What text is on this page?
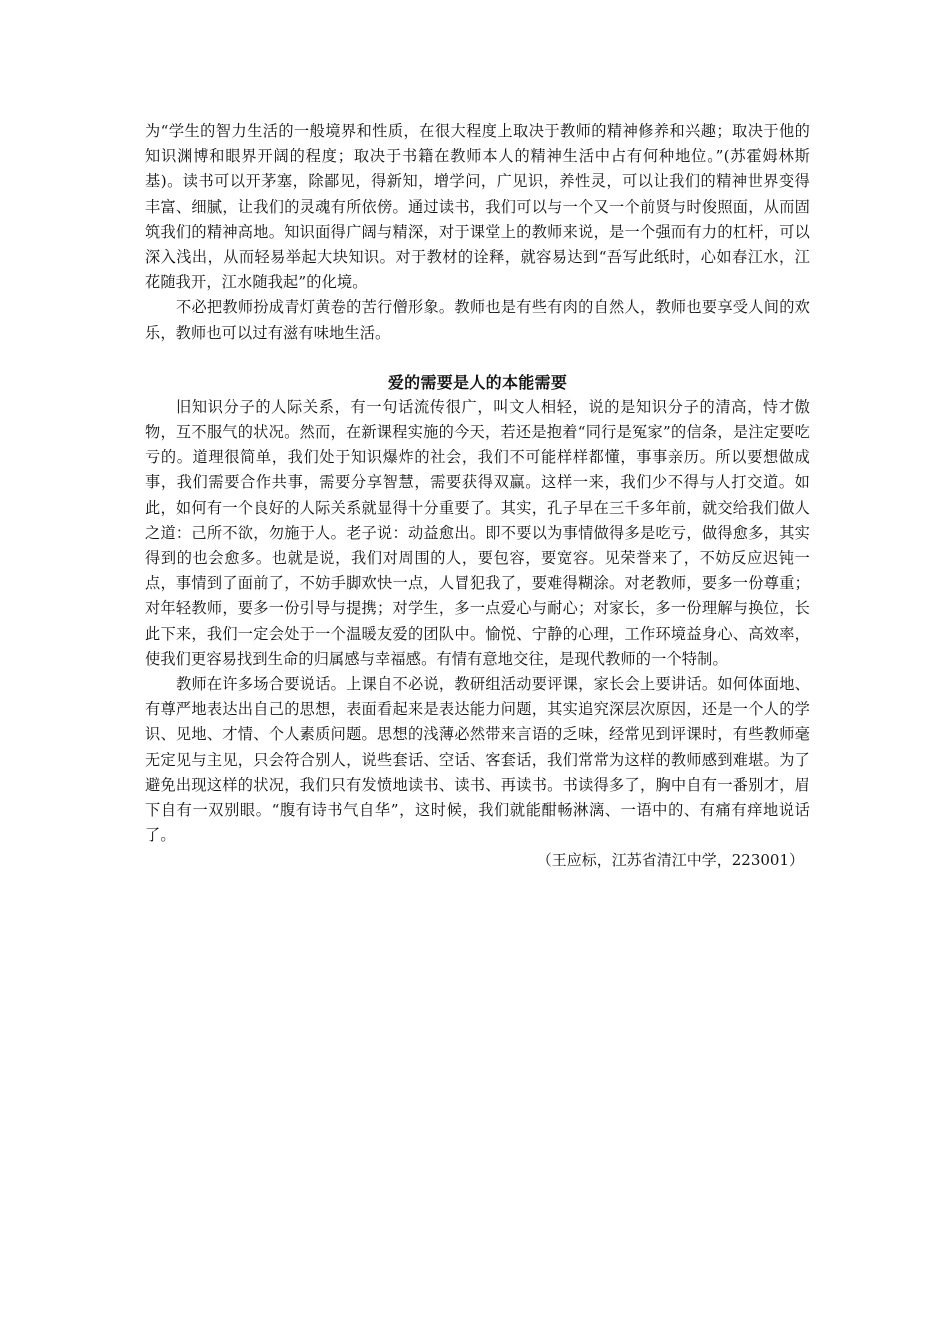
为“学生的智力生活的一般境界和性质，在很大程度上取决于教师的精神修养和兴趣；取决于他的知识渊博和眼界开阔的程度；取决于书籍在教师本人的精神生活中占有何种地位。”(苏霍姆林斯基)。读书可以开茅塞，除鄙见，得新知，增学问，广见识，养性灵，可以让我们的精神世界变得丰富、细腻，让我们的灵魂有所依傍。通过读书，我们可以与一个又一个前贤与时俊照面，从而固筑我们的精神高地。知识面得广阔与精深，对于课堂上的教师来说，是一个强而有力的杠杆，可以深入浅出，从而轻易举起大块知识。对于教材的诠释，就容易达到“吾写此纸时，心如春江水，江花随我开，江水随我起”的化境。

不必把教师扮成青灯黄卷的苦行僧形象。教师也是有些有肉的自然人，教师也要享受人间的欢乐，教师也可以过有滋有味地生活。

爱的需要是人的本能需要

旧知识分子的人际关系，有一句话流传很广，叫文人相轻，说的是知识分子的清高，恃才傲物，互不服气的状况。然而，在新课程实施的今天，若还是抱着“同行是冤家”的信条，是注定要吃亏的。道理很简单，我们处于知识爆炸的社会，我们不可能样样都懂，事事亲历。所以要想做成事，我们需要合作共事，需要分享智慧，需要获得双赢。这样一来，我们少不得与人打交道。如此，如何有一个良好的人际关系就显得十分重要了。其实，孔子早在三千多年前，就交给我们做人之道：己所不欲，勿施于人。老子说：动益愈出。即不要以为事情做得多是吃亏，做得愈多，其实得到的也会愈多。也就是说，我们对周围的人，要包容，要宽容。见荣誉来了，不妨反应迟钝一点，事情到了面前了，不妨手脚欢快一点，人冒犯我了，要难得糊涂。对老教师，要多一份尊重；对年轻教师，要多一份引导与提携；对学生，多一点爱心与耐心；对家长，多一份理解与换位，长此下来，我们一定会处于一个温暖友爱的团队中。愉悦、宁静的心理，工作环境益身心、高效率，使我们更容易找到生命的归属感与幸福感。有情有意地交往，是现代教师的一个特制。

教师在许多场合要说话。上课自不必说，教研组活动要评课，家长会上要讲话。如何体面地、有尊严地表达出自己的思想，表面看起来是表达能力问题，其实追究深层次原因，还是一个人的学识、见地、才情、个人素质问题。思想的浅薄必然带来言语的乏味，经常见到评课时，有些教师毫无定见与主见，只会符合别人，说些套话、空话、客套话，我们常常为这样的教师感到难堪。为了避免出现这样的状况，我们只有发愤地读书、读书、再读书。书读得多了，胸中自有一番别才，眉下自有一双别眼。“腹有诗书气自华”，这时候，我们就能酣畅淋漓、一语中的、有痛有痒地说话了。

（王应标，江苏省清江中学，223001）
